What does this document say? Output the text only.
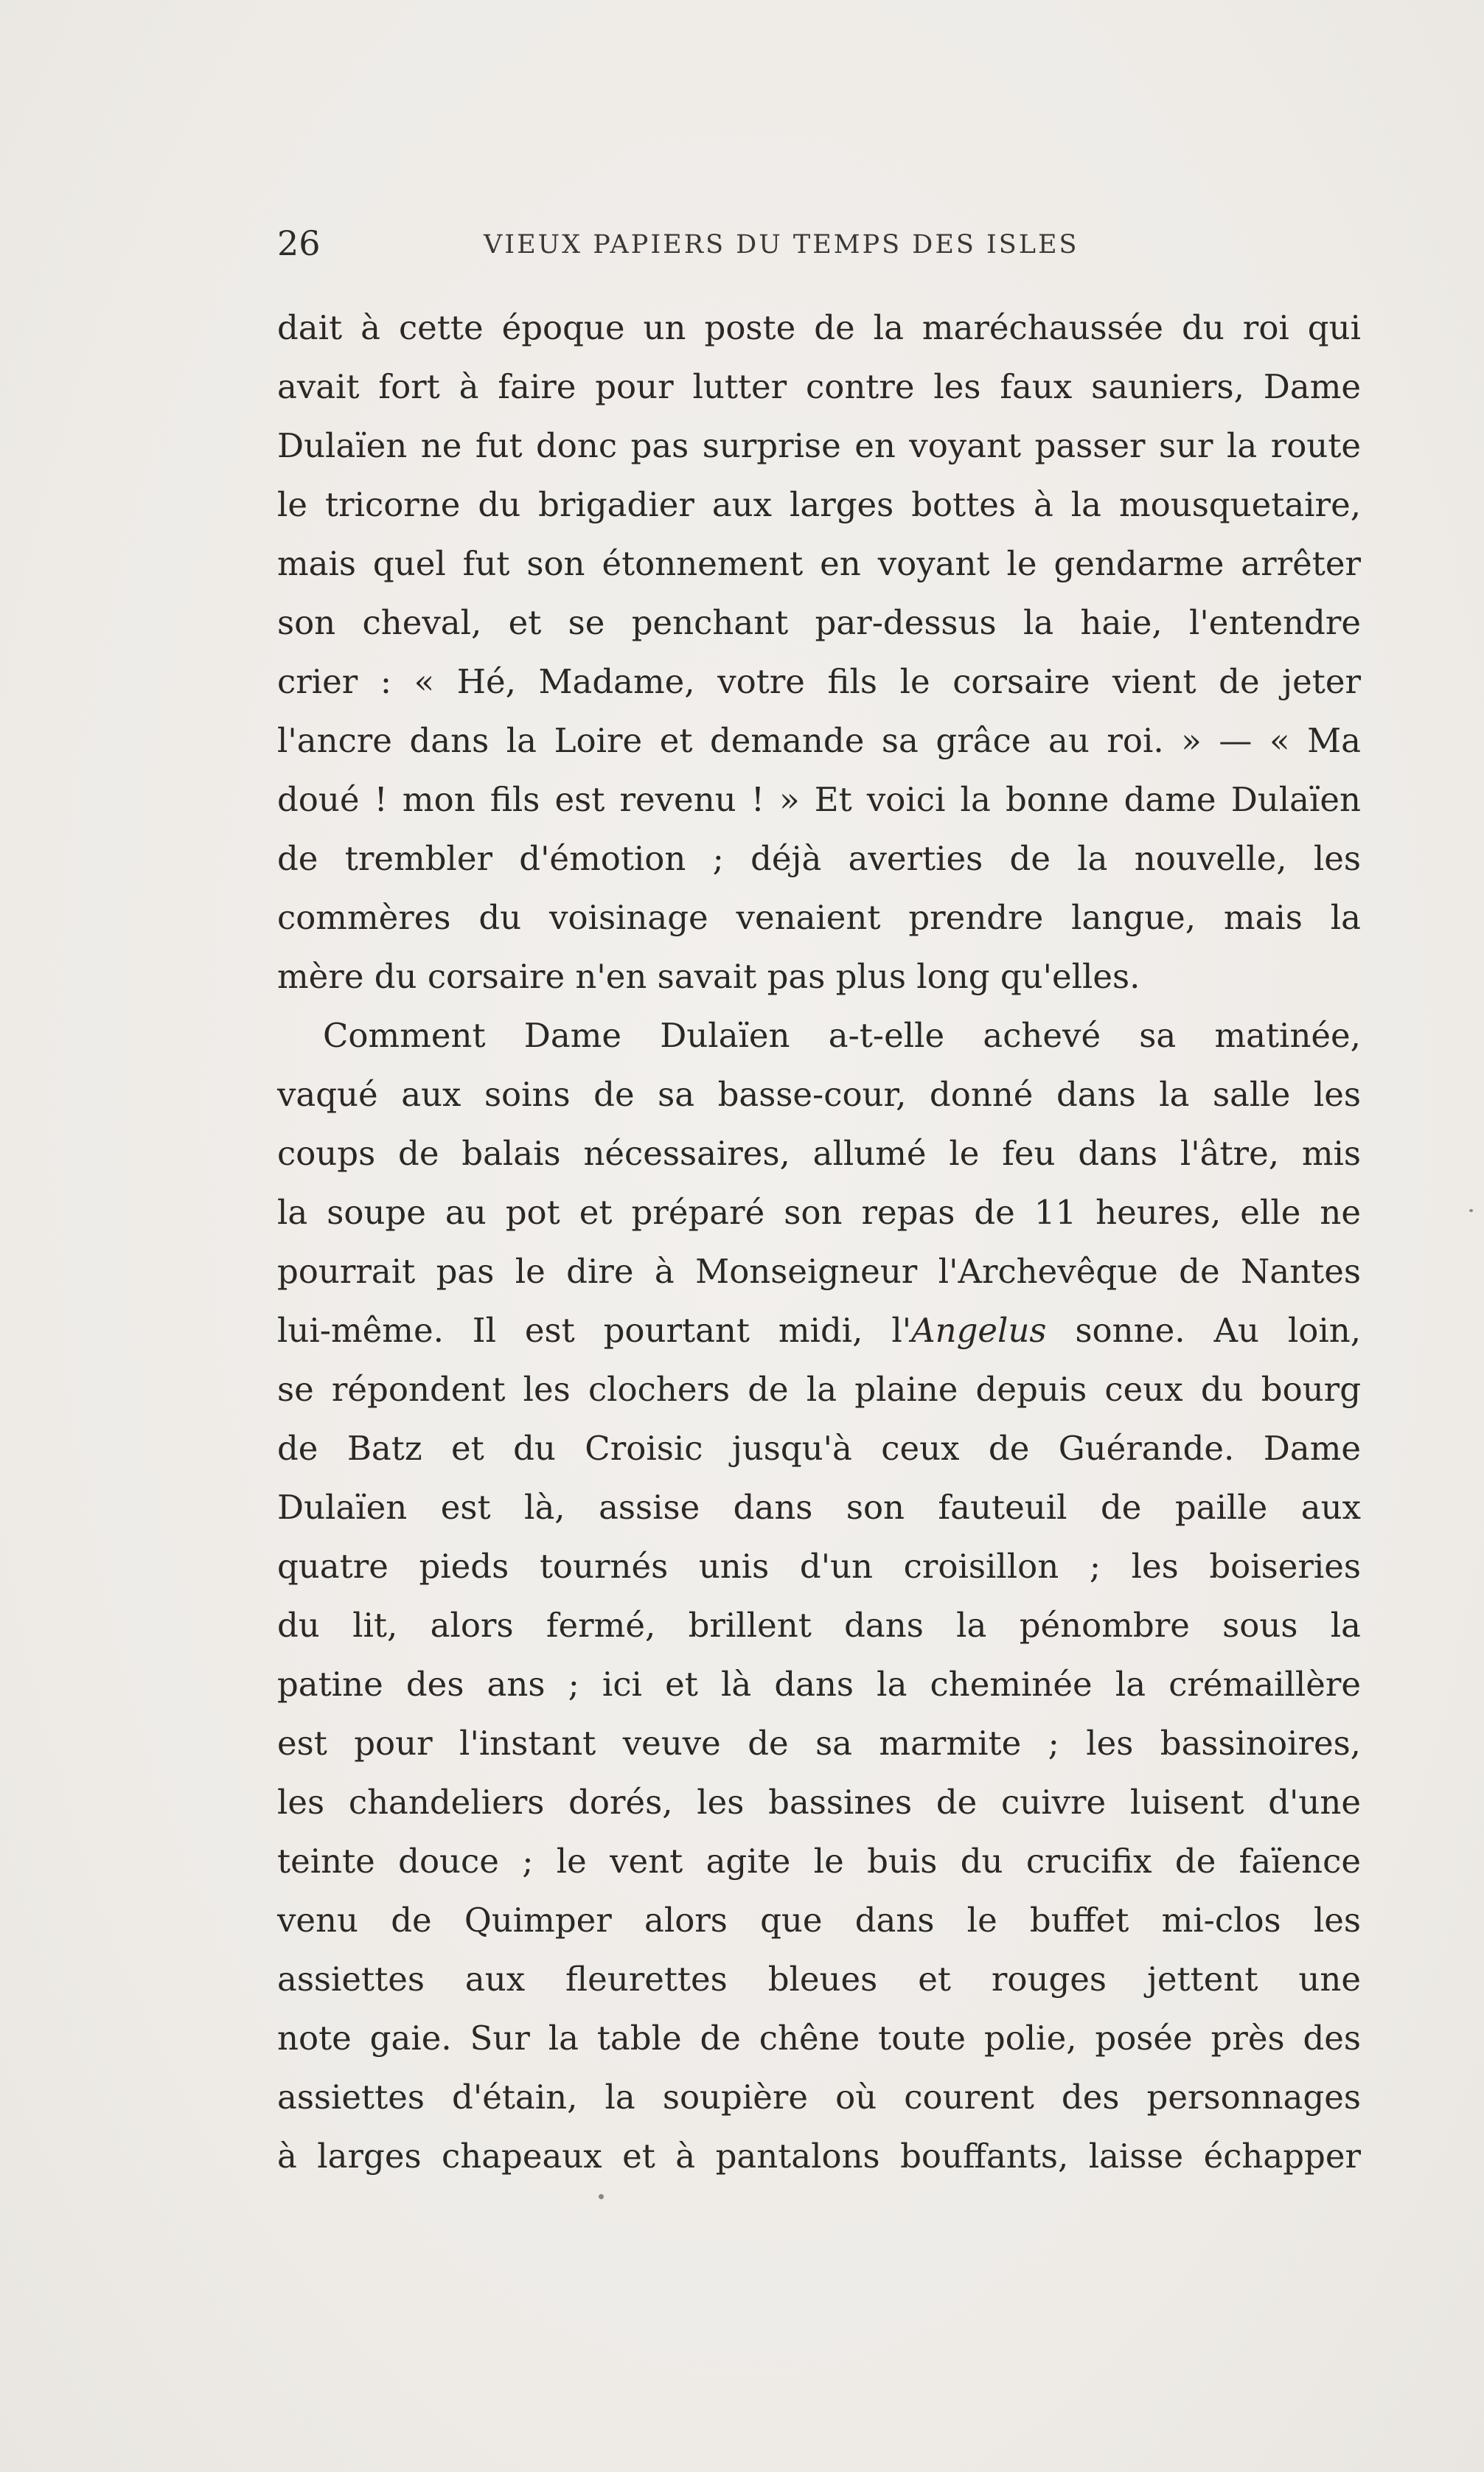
26	VIEUX PAPIERS DU TEMPS DES ISLES
dait à cette époque un poste de la maréchaussée du roi qui
avait fort à faire pour lutter contre les faux sauniers, Dame
Dulaïen ne fut donc pas surprise en voyant passer sur la route
le tricorne du brigadier aux larges bottes à la mousquetaire,
mais quel fut son étonnement en voyant le gendarme arrêter
son cheval, et se penchant par-dessus la haie, l'entendre
crier : « Hé, Madame, votre fils le corsaire vient de jeter
l'ancre dans la Loire et demande sa grâce au roi. » — « Ma
doué ! mon fils est revenu ! » Et voici la bonne dame Dulaïen
de trembler d'émotion ; déjà averties de la nouvelle, les
commères du voisinage venaient prendre langue, mais la
mère du corsaire n'en savait pas plus long qu'elles.
Comment Dame Dulaïen a-t-elle achevé sa matinée,
vaqué aux soins de sa basse-cour, donné dans la salle les
coups de balais nécessaires, allumé le feu dans l'âtre, mis
la soupe au pot et préparé son repas de 11 heures, elle ne
pourrait pas le dire à Monseigneur l'Archevêque de Nantes
lui-même. Il est pourtant midi, l'Angelus sonne. Au loin,
se répondent les clochers de la plaine depuis ceux du bourg
de Batz et du Croisic jusqu'à ceux de Guérande. Dame
Dulaïen est là, assise dans son fauteuil de paille aux
quatre pieds tournés unis d'un croisillon ; les boiseries
du lit, alors fermé, brillent dans la pénombre sous la
patine des ans ; ici et là dans la cheminée la crémaillère
est pour l'instant veuve de sa marmite ; les bassinoires,
les chandeliers dorés, les bassines de cuivre luisent d'une
teinte douce ; le vent agite le buis du crucifix de faïence
venu de Quimper alors que dans le buffet mi-clos les
assiettes aux fleurettes bleues et rouges jettent une
note gaie. Sur la table de chêne toute polie, posée près des
assiettes d'étain, la soupière où courent des personnages
à larges chapeaux et à pantalons bouffants, laisse échapper
